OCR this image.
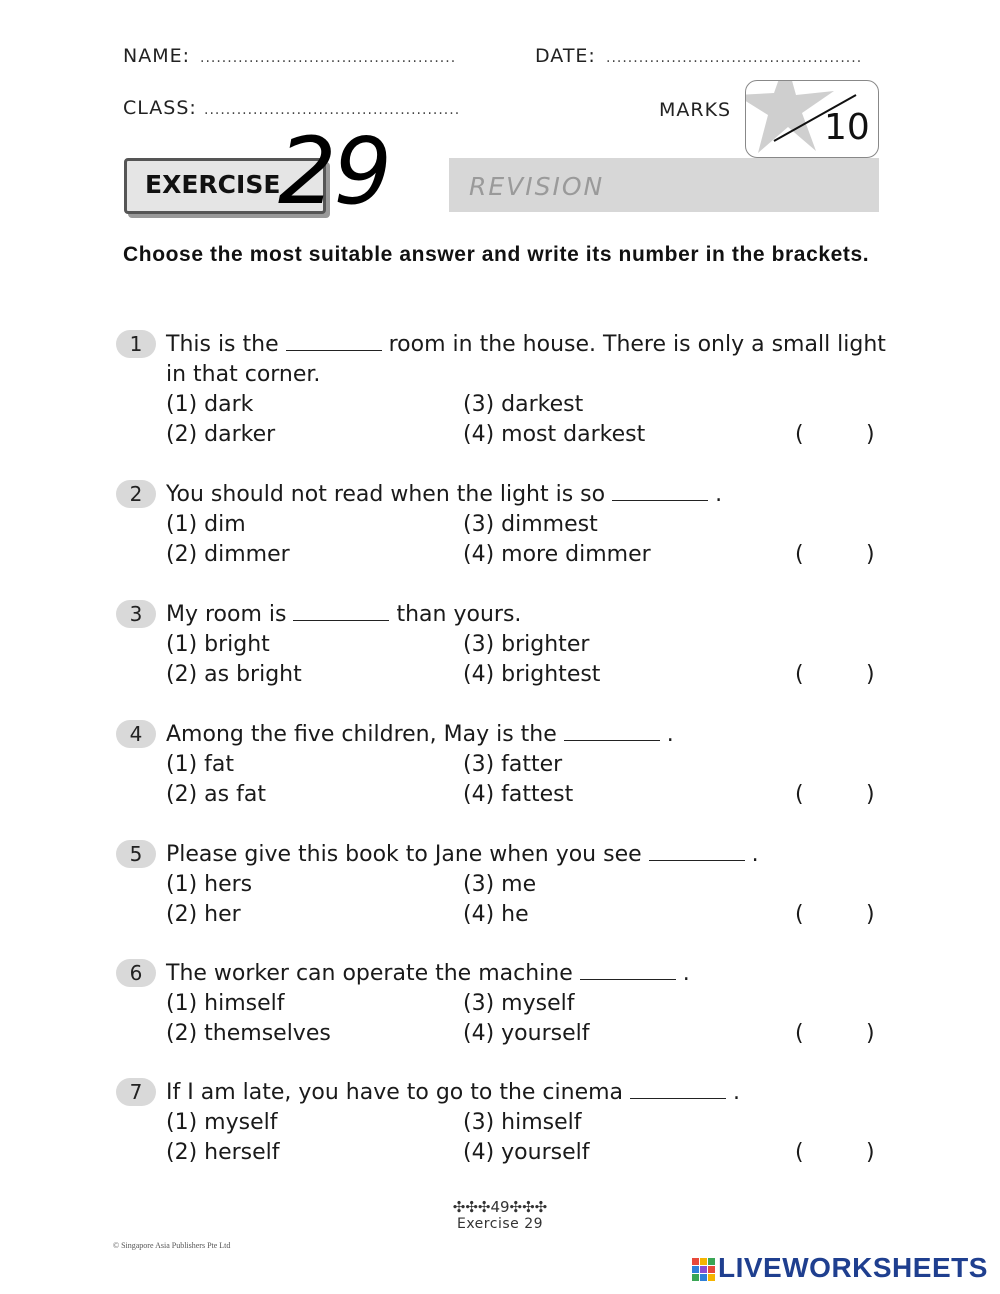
NAME: ...............................................	DATE: ...............................................
CLASS: ...............................................	MARKS	10
EXERCISE
29	REVISION
Choose the most suitable answer and write its number in the brackets.
1	This is the	room in the house. There is only a small light
in that corner.
(1) dark
(2) darker
(3) darkest
(4) most darkest	(	)
2	You should not read when the light is so	.
(1) dim
(2) dimmer
(3) dimmest
(4) more dimmer	(	)
3	My room is	than yours.
(1) bright
(2) as bright
(3) brighter
(4) brightest	(	)
4	Among the five children, May is the	.
(1) fat
(2) as fat
(3) fatter
(4) fattest	(	)
5	Please give this book to Jane when you see	.
(1) hers
(2) her
(3) me
(4) he	(	)
6	The worker can operate the machine	.
(1) himself
(2) themselves
(3) myself
(4) yourself	(	)
7	If I am late, you have to go to the cinema	.
(1) myself
(2) herself
(3) himself
(4) yourself	(	)
✣✣✣49✣✣✣
Exercise 29
© Singapore Asia Publishers Pte Ltd
LIVEWORKSHEETS
